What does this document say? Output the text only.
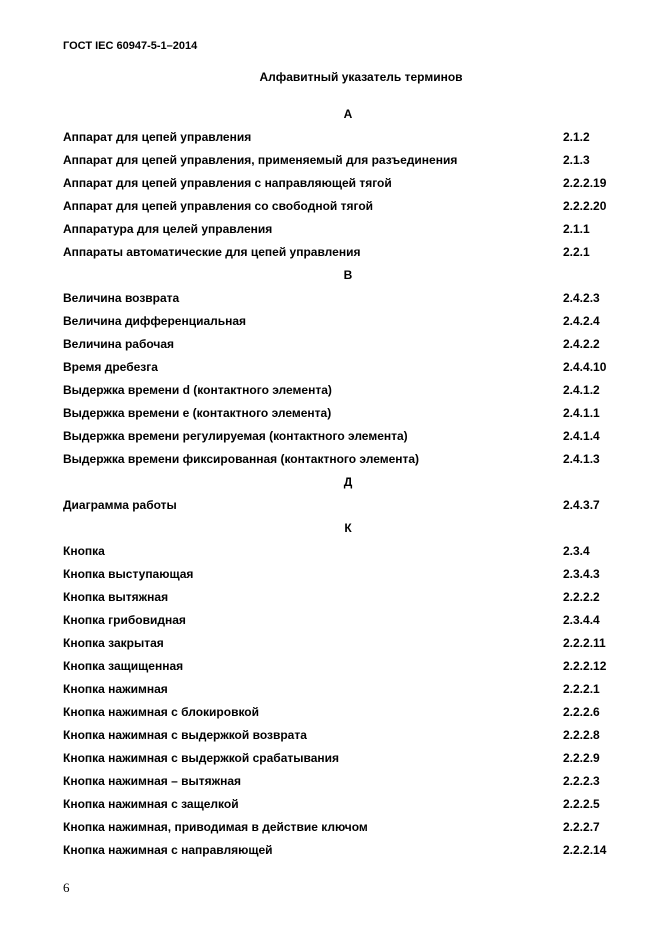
ГОСТ IEC 60947-5-1–2014
Алфавитный указатель терминов
А
Аппарат для цепей управления	2.1.2
Аппарат для цепей управления, применяемый для разъединения	2.1.3
Аппарат для цепей управления с направляющей тягой	2.2.2.19
Аппарат для цепей управления со свободной тягой	2.2.2.20
Аппаратура для целей управления	2.1.1
Аппараты автоматические для цепей управления	2.2.1
В
Величина возврата	2.4.2.3
Величина дифференциальная	2.4.2.4
Величина рабочая	2.4.2.2
Время дребезга	2.4.4.10
Выдержка времени d (контактного элемента)	2.4.1.2
Выдержка времени e (контактного элемента)	2.4.1.1
Выдержка времени регулируемая (контактного элемента)	2.4.1.4
Выдержка времени фиксированная (контактного элемента)	2.4.1.3
Д
Диаграмма работы	2.4.3.7
К
Кнопка	2.3.4
Кнопка выступающая	2.3.4.3
Кнопка вытяжная	2.2.2.2
Кнопка грибовидная	2.3.4.4
Кнопка закрытая	2.2.2.11
Кнопка защищенная	2.2.2.12
Кнопка нажимная	2.2.2.1
Кнопка нажимная с блокировкой	2.2.2.6
Кнопка нажимная с выдержкой возврата	2.2.2.8
Кнопка нажимная с выдержкой срабатывания	2.2.2.9
Кнопка нажимная – вытяжная	2.2.2.3
Кнопка нажимная с защелкой	2.2.2.5
Кнопка нажимная, приводимая в действие ключом	2.2.2.7
Кнопка нажимная с направляющей	2.2.2.14
6
